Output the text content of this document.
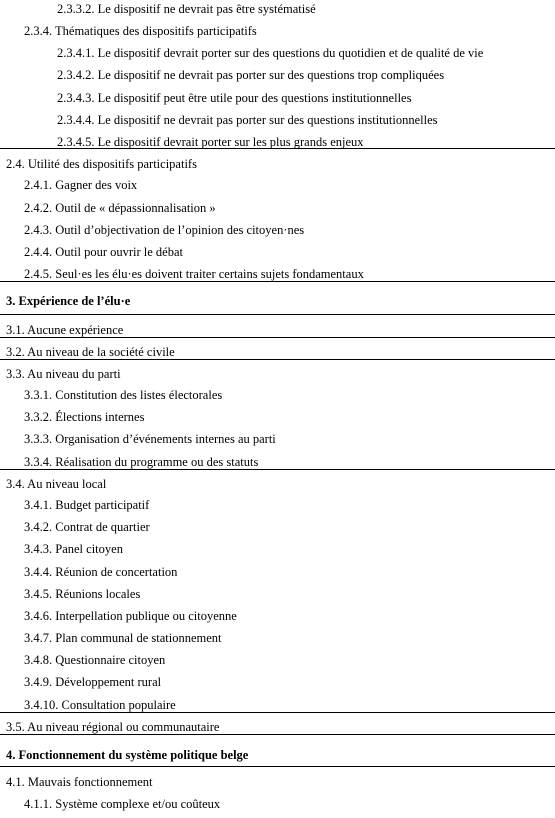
2.3.3.2. Le dispositif ne devrait pas être systématisé
2.3.4. Thématiques des dispositifs participatifs
2.3.4.1. Le dispositif devrait porter sur des questions du quotidien et de qualité de vie
2.3.4.2. Le dispositif ne devrait pas porter sur des questions trop compliquées
2.3.4.3. Le dispositif peut être utile pour des questions institutionnelles
2.3.4.4. Le dispositif ne devrait pas porter sur des questions institutionnelles
2.3.4.5. Le dispositif devrait porter sur les plus grands enjeux
2.4. Utilité des dispositifs participatifs
2.4.1. Gagner des voix
2.4.2. Outil de « dépassionnalisation »
2.4.3. Outil d’objectivation de l’opinion des citoyen·nes
2.4.4. Outil pour ouvrir le débat
2.4.5. Seul·es les élu·es doivent traiter certains sujets fondamentaux
3. Expérience de l’élu·e
3.1. Aucune expérience
3.2. Au niveau de la société civile
3.3. Au niveau du parti
3.3.1. Constitution des listes électorales
3.3.2. Élections internes
3.3.3. Organisation d’événements internes au parti
3.3.4. Réalisation du programme ou des statuts
3.4. Au niveau local
3.4.1. Budget participatif
3.4.2. Contrat de quartier
3.4.3. Panel citoyen
3.4.4. Réunion de concertation
3.4.5. Réunions locales
3.4.6. Interpellation publique ou citoyenne
3.4.7. Plan communal de stationnement
3.4.8. Questionnaire citoyen
3.4.9. Développement rural
3.4.10. Consultation populaire
3.5. Au niveau régional ou communautaire
4. Fonctionnement du système politique belge
4.1. Mauvais fonctionnement
4.1.1. Système complexe et/ou coûteux
